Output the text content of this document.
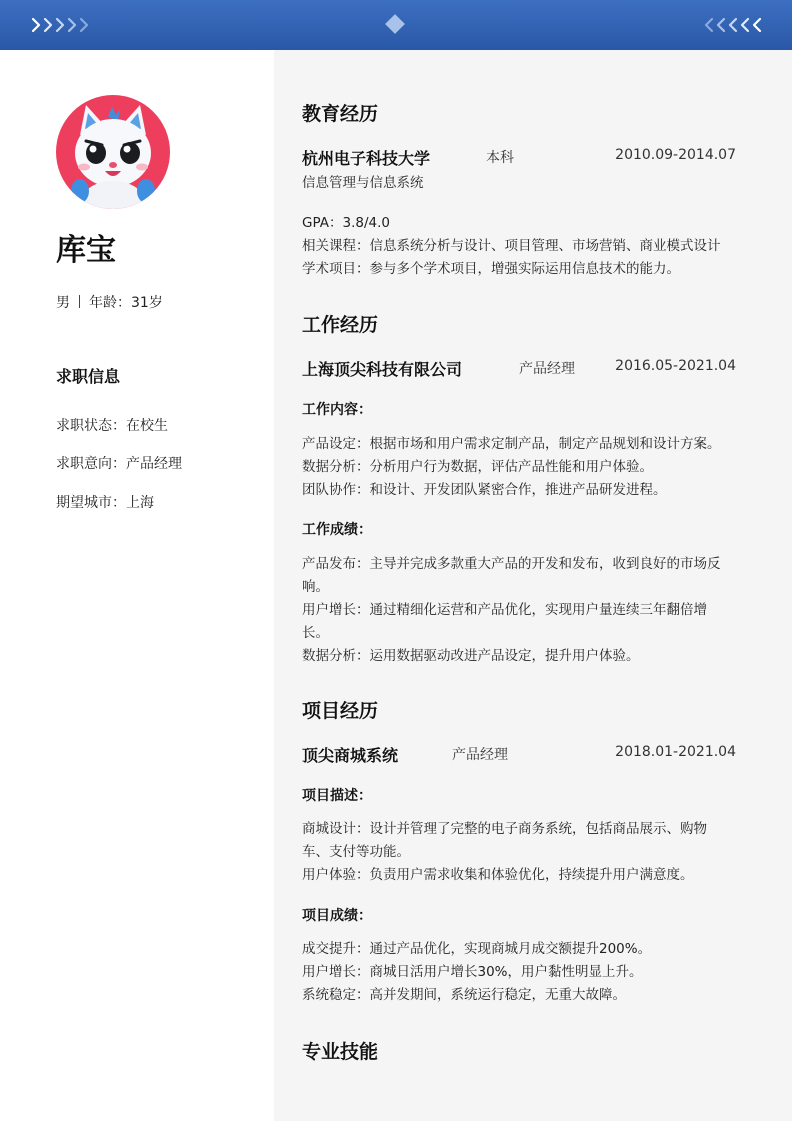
库宝
男 年龄：31岁
求职信息
求职状态：在校生
求职意向：产品经理
期望城市：上海
教育经历
杭州电子科技大学	本科	2010.09-2014.07
信息管理与信息系统
GPA：3.8/4.0
相关课程：信息系统分析与设计、项目管理、市场营销、商业模式设计
学术项目：参与多个学术项目，增强实际运用信息技术的能力。
工作经历
上海顶尖科技有限公司	产品经理	2016.05-2021.04
工作内容：
产品设定：根据市场和用户需求定制产品，制定产品规划和设计方案。
数据分析：分析用户行为数据，评估产品性能和用户体验。
团队协作：和设计、开发团队紧密合作，推进产品研发进程。
工作成绩：
产品发布：主导并完成多款重大产品的开发和发布，收到良好的市场反
响。
用户增长：通过精细化运营和产品优化，实现用户量连续三年翻倍增
长。
数据分析：运用数据驱动改进产品设定，提升用户体验。
项目经历
顶尖商城系统	产品经理	2018.01-2021.04
项目描述：
商城设计：设计并管理了完整的电子商务系统，包括商品展示、购物
车、支付等功能。
用户体验：负责用户需求收集和体验优化，持续提升用户满意度。
项目成绩：
成交提升：通过产品优化，实现商城月成交额提升200%。
用户增长：商城日活用户增长30%，用户黏性明显上升。
系统稳定：高并发期间，系统运行稳定，无重大故障。
专业技能
